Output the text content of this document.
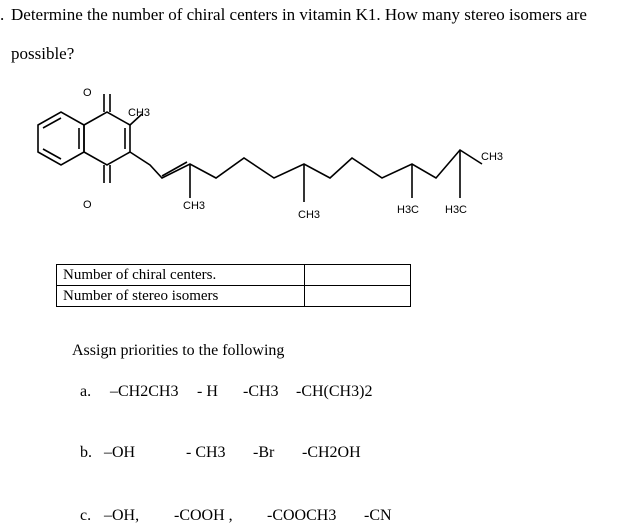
. Determine the number of chiral centers in vitamin K1. How many stereo isomers are
possible?
O
O
CH3
CH3
CH3
CH3	H3C H3C
Number of chiral centers.	
Number of stereo isomers	
Assign priorities to the following
a. –CH2CH3 - H -CH3 -CH(CH3)2
b. –OH	- CH3 -Br -CH2OH
c. –OH, -COOH , -COOCH3 -CN
